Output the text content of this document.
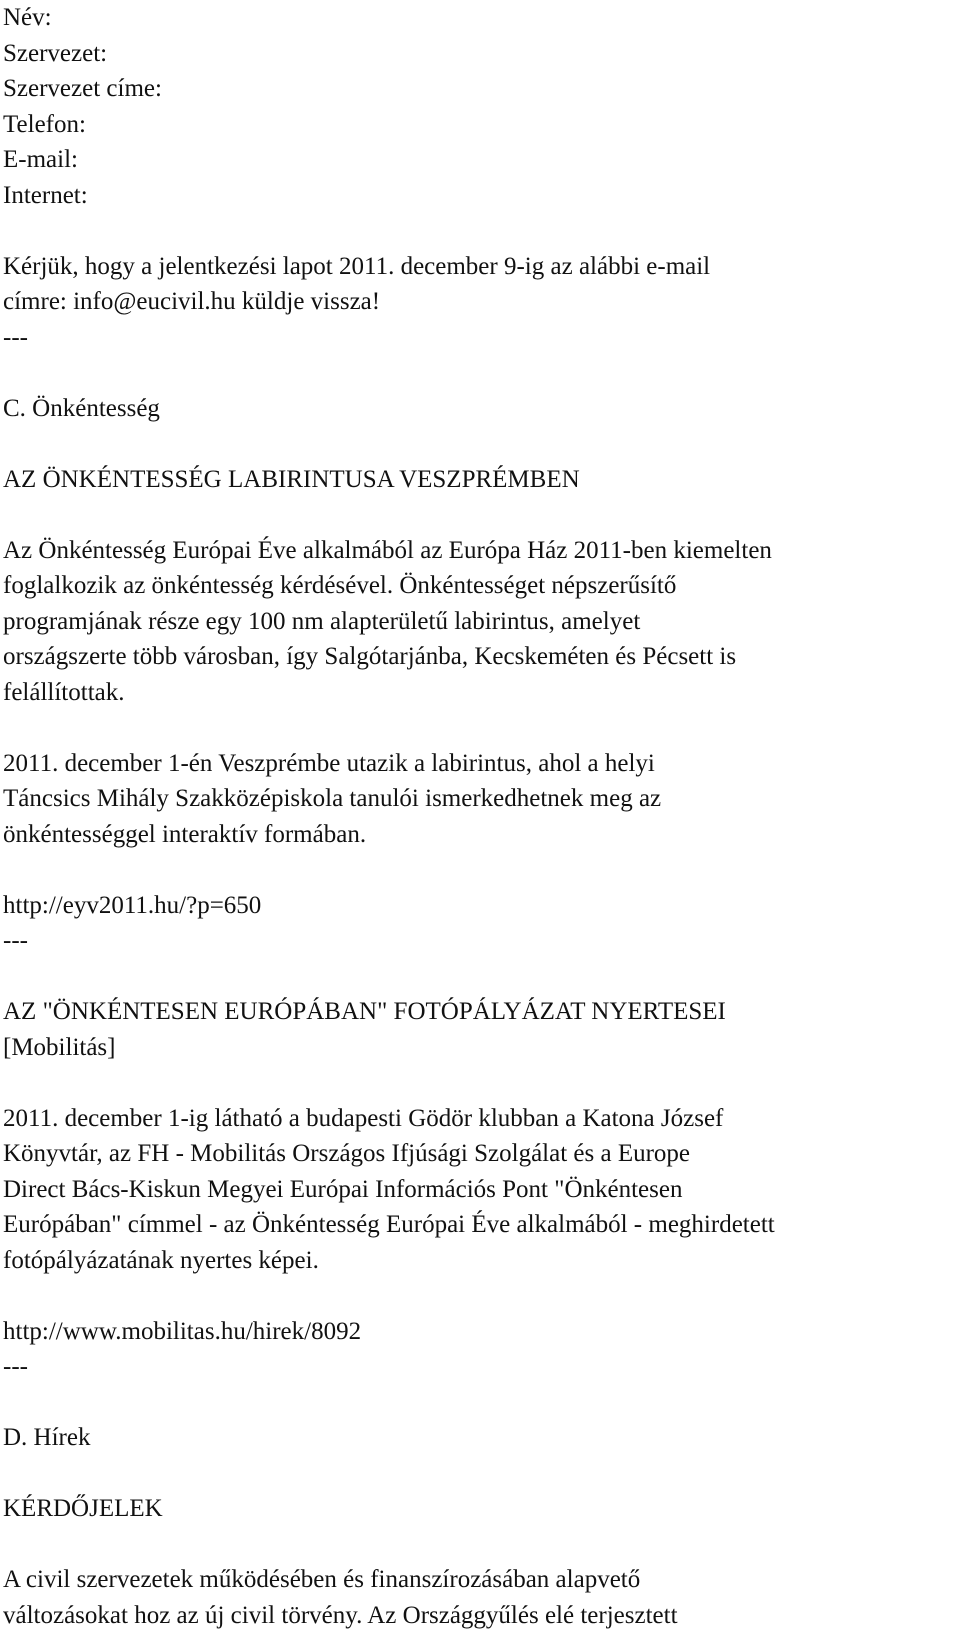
Név:
Szervezet:
Szervezet címe:
Telefon:
E-mail:
Internet:
Kérjük, hogy a jelentkezési lapot 2011. december 9-ig az alábbi e-mail
címre: info@eucivil.hu küldje vissza!
---
C. Önkéntesség
AZ ÖNKÉNTESSÉG LABIRINTUSA VESZPRÉMBEN
Az Önkéntesség Európai Éve alkalmából az Európa Ház 2011-ben kiemelten
foglalkozik az önkéntesség kérdésével. Önkéntességet népszerűsítő
programjának része egy 100 nm alapterületű labirintus, amelyet
országszerte több városban, így Salgótarjánba, Kecskeméten és Pécsett is
felállítottak.
2011. december 1-én Veszprémbe utazik a labirintus, ahol a helyi
Táncsics Mihály Szakközépiskola tanulói ismerkedhetnek meg az
önkéntességgel interaktív formában.
http://eyv2011.hu/?p=650
---
AZ "ÖNKÉNTESEN EURÓPÁBAN" FOTÓPÁLYÁZAT NYERTESEI
[Mobilitás]
2011. december 1-ig látható a budapesti Gödör klubban a Katona József
Könyvtár, az FH - Mobilitás Országos Ifjúsági Szolgálat és a Europe
Direct Bács-Kiskun Megyei Európai Információs Pont "Önkéntesen
Európában" címmel - az Önkéntesség Európai Éve alkalmából - meghirdetett
fotópályázatának nyertes képei.
http://www.mobilitas.hu/hirek/8092
---
D. Hírek
KÉRDŐJELEK
A civil szervezetek működésében és finanszírozásában alapvető
változásokat hoz az új civil törvény. Az Országgyűlés elé terjesztett
